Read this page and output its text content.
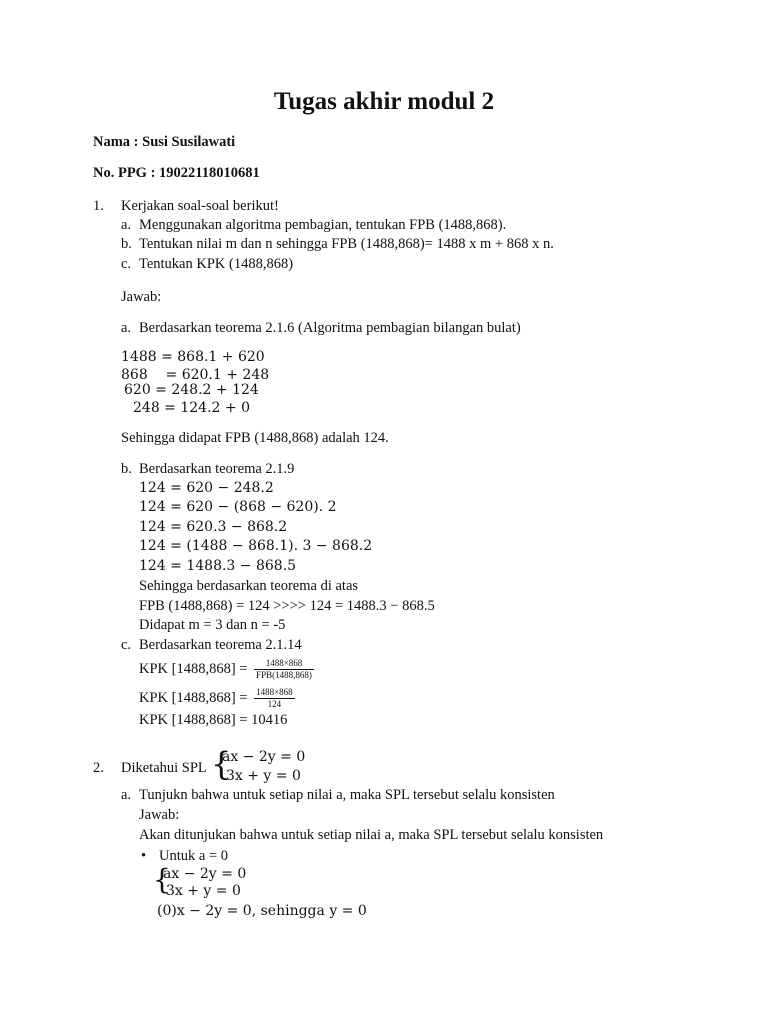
Tugas akhir modul 2
Nama : Susi Susilawati
No. PPG : 19022118010681
1. Kerjakan soal-soal berikut!
a. Menggunakan algoritma pembagian, tentukan FPB (1488,868).
b. Tentukan nilai m dan n sehingga FPB (1488,868)= 1488 x m + 868 x n.
c. Tentukan KPK (1488,868)
Jawab:
a. Berdasarkan teorema 2.1.6 (Algoritma pembagian bilangan bulat)
1488 = 868.1 + 620
868    = 620.1 + 248
620 = 248.2 + 124
248 = 124.2 + 0
Sehingga didapat FPB (1488,868) adalah 124.
b. Berdasarkan teorema 2.1.9
124 = 620 − 248.2
124 = 620 − (868 − 620). 2
124 = 620.3 − 868.2
124 = (1488 − 868.1). 3 − 868.2
124 = 1488.3 − 868.5
Sehingga berdasarkan teorema di atas
FPB (1488,868) = 124 >>>> 124 = 1488.3 − 868.5
Didapat m = 3 dan n = -5
c. Berdasarkan teorema 2.1.14
KPK $[1488,868] = \frac{1488\times 868}{\text{FPB(1488,868)}}$
KPK $[1488,868] = \frac{1488\times 868}{124}$
KPK [1488,868] = 10416
2. Diketahui SPL {
ax − 2y = 0
3x + y = 0
a. Tunjukn bahwa untuk setiap nilai a, maka SPL tersebut selalu konsisten
Jawab:
Akan ditunjukan bahwa untuk setiap nilai a, maka SPL tersebut selalu konsisten
• Untuk a = 0
{
ax − 2y = 0
3x + y = 0
(0)x − 2y = 0, sehingga y = 0
